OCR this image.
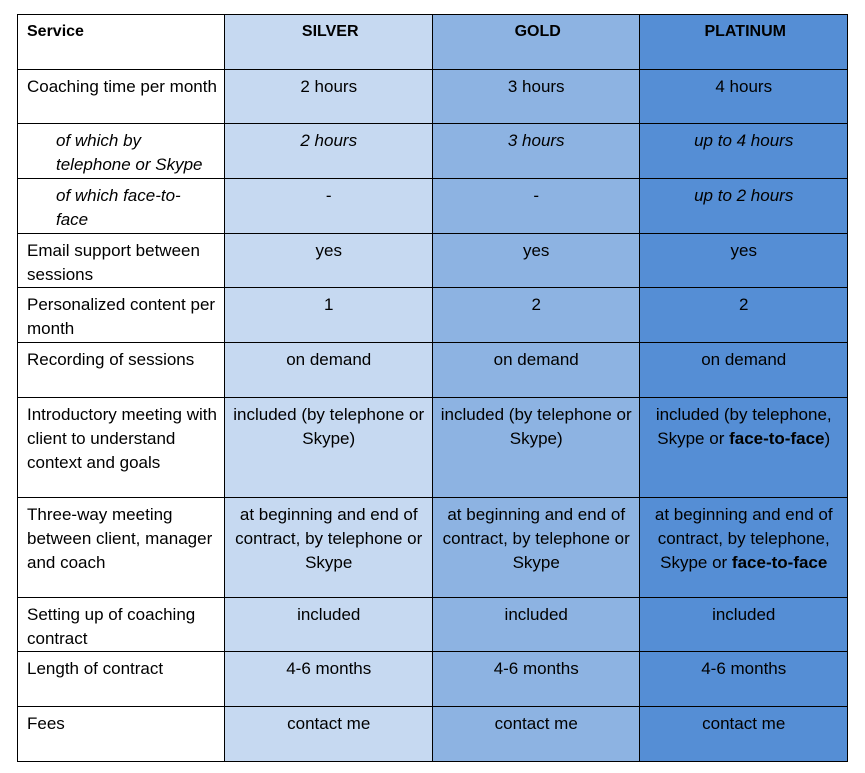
Service	SILVER	GOLD	PLATINUM
Coaching time per month	2 hours	3 hours	4 hours
of which by telephone or Skype	2 hours	3 hours	up to 4 hours

of which face-to-face	-	-	up to 2 hours
Email support between sessions	yes	yes	yes
Personalized content per month	1	2	2
Recording of sessions	on demand	on demand	on demand
Introductory meeting with client to understand context and goals	included (by telephone or Skype)	included (by telephone or Skype)	included (by telephone, Skype or face-to-face)
Three-way meeting between client, manager and coach	at beginning and end of contract, by telephone or Skype	at beginning and end of contract, by telephone or Skype	at beginning and end of contract, by telephone, Skype or face-to-face
Setting up of coaching contract	included	included	included
Length of contract	4-6 months	4-6 months	4-6 months
Fees	contact me	contact me	contact me
